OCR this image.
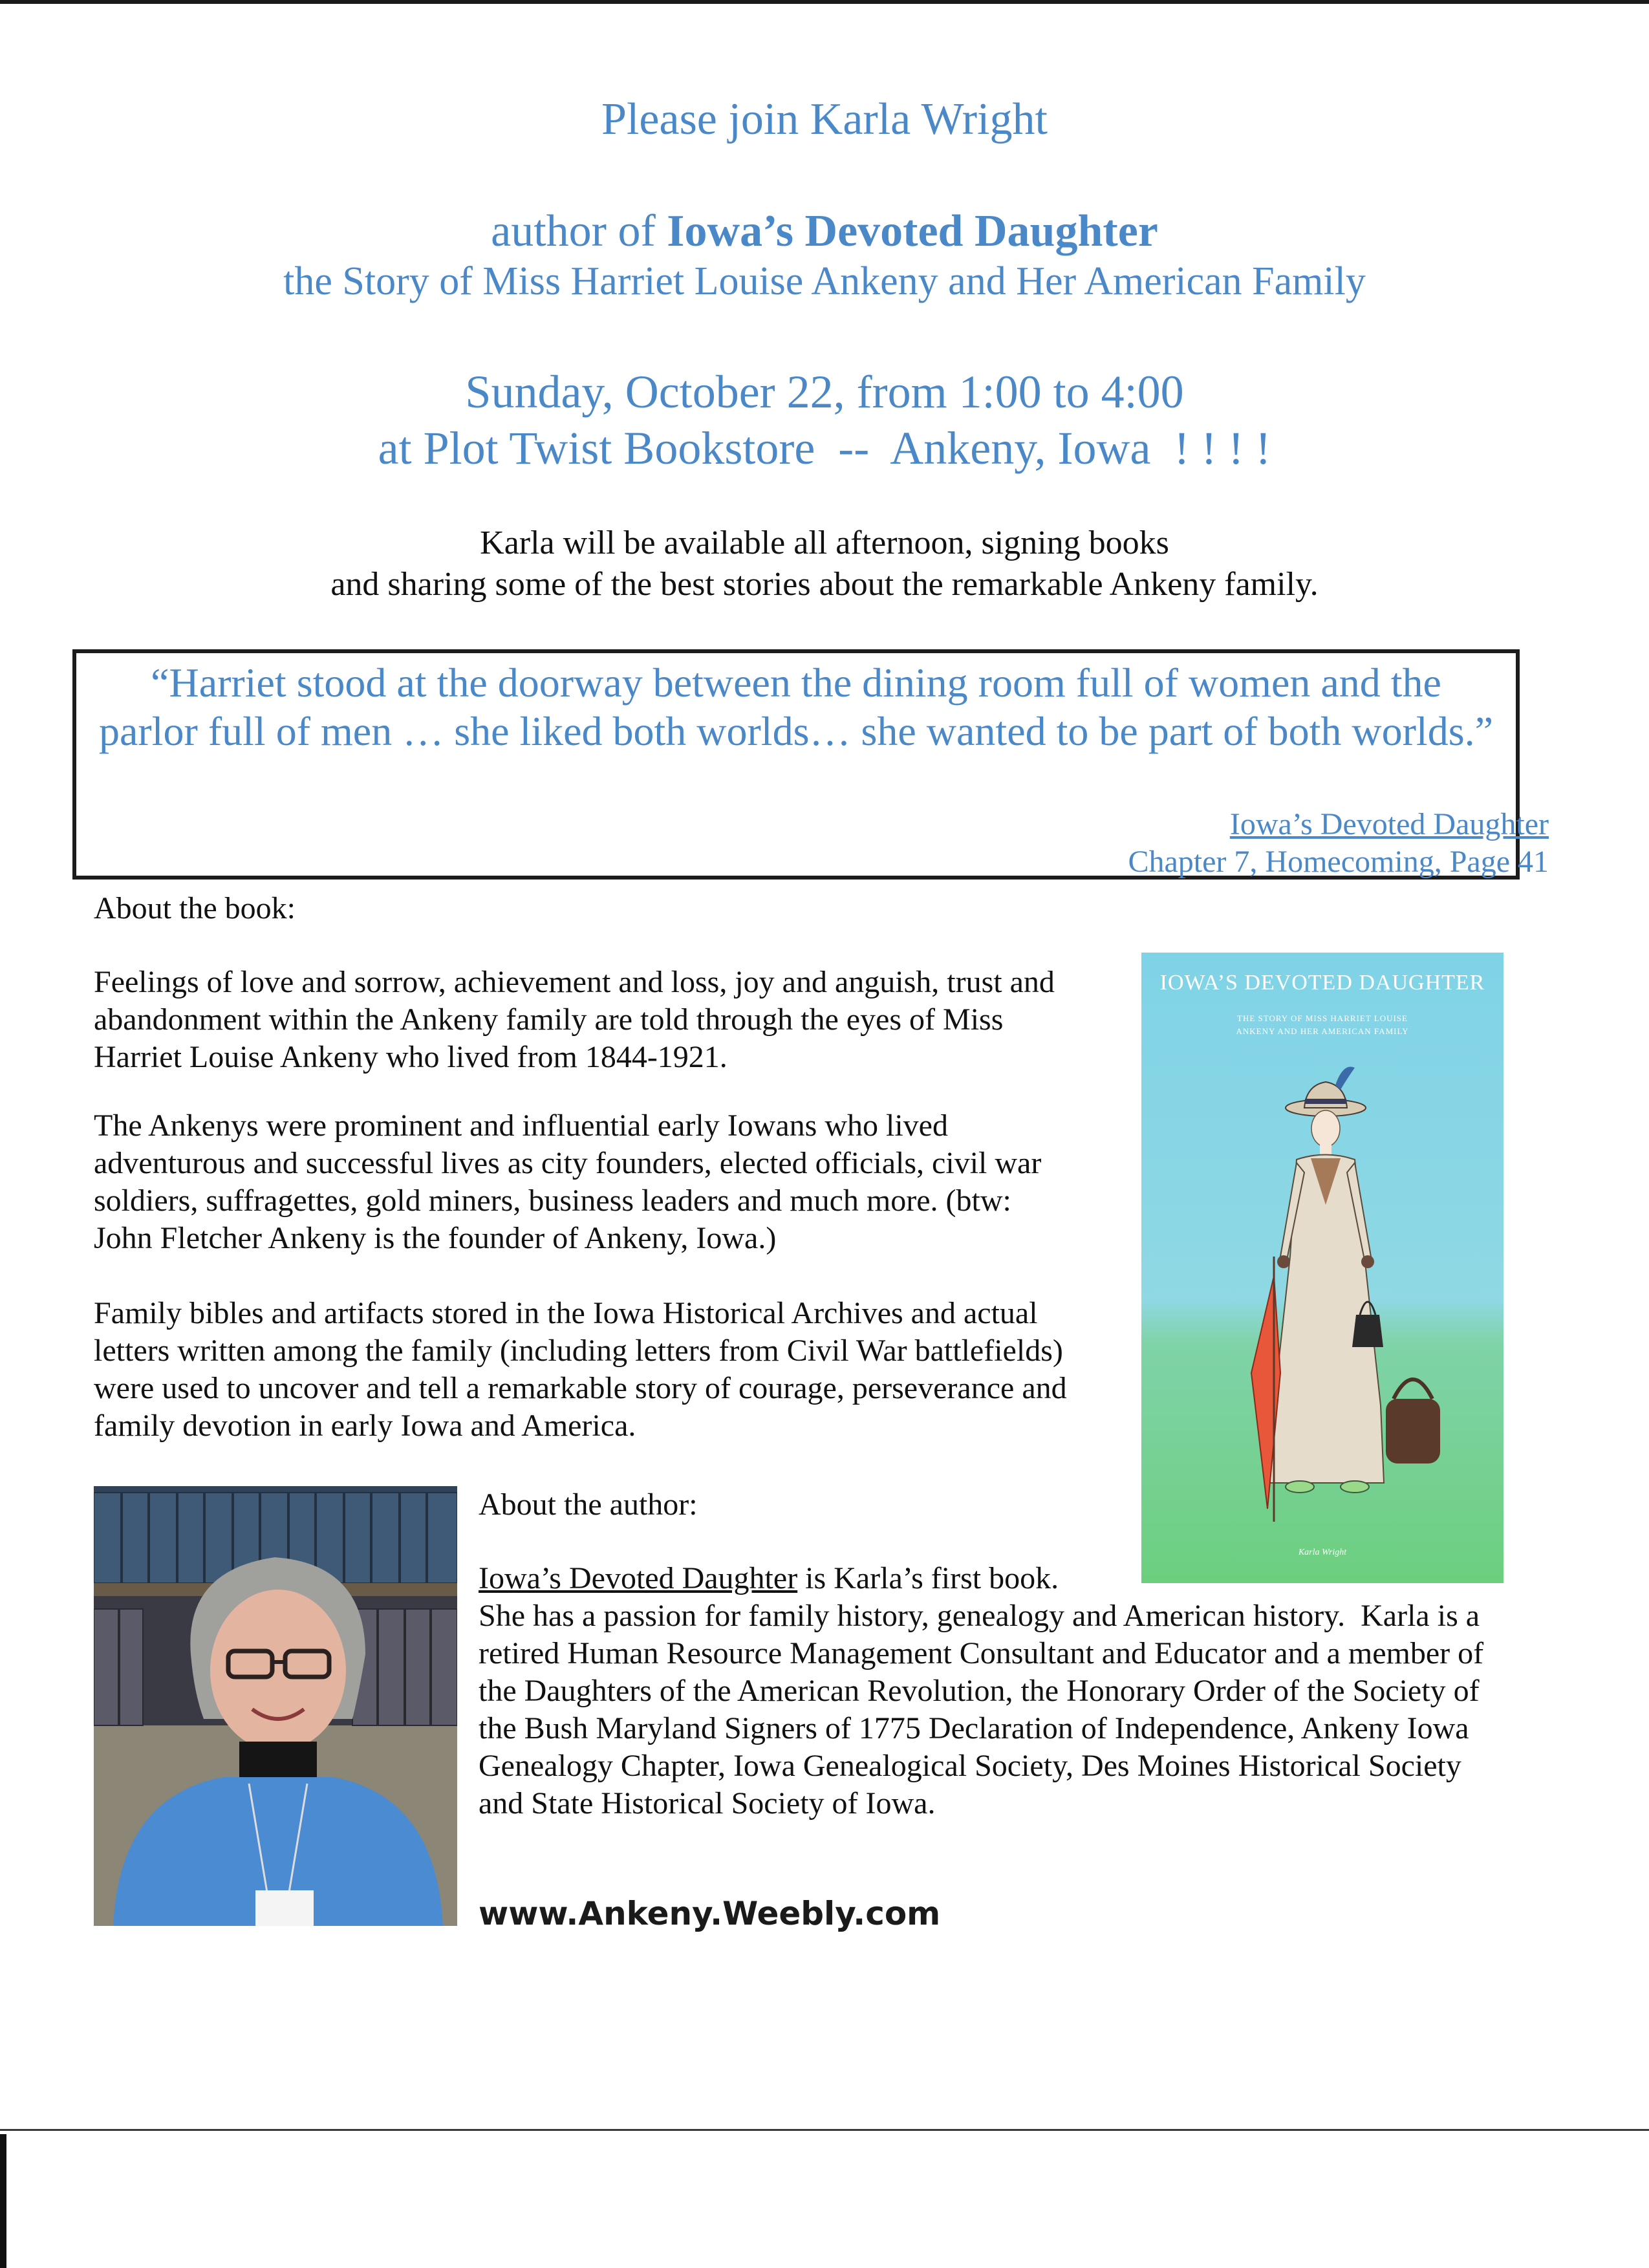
Please join Karla Wright
author of Iowa’s Devoted Daughter
the Story of Miss Harriet Louise Ankeny and Her American Family
Sunday, October 22, from 1:00 to 4:00
at Plot Twist Bookstore  --  Ankeny, Iowa  ! ! ! !
Karla will be available all afternoon, signing books
and sharing some of the best stories about the remarkable Ankeny family.
“Harriet stood at the doorway between the dining room full of women and the
parlor full of men … she liked both worlds… she wanted to be part of both worlds.”
Iowa’s Devoted Daughter
Chapter 7, Homecoming, Page 41
About the book:
Feelings of love and sorrow, achievement and loss, joy and anguish, trust and
abandonment within the Ankeny family are told through the eyes of Miss
Harriet Louise Ankeny who lived from 1844-1921.
The Ankenys were prominent and influential early Iowans who lived
adventurous and successful lives as city founders, elected officials, civil war
soldiers, suffragettes, gold miners, business leaders and much more. (btw:
John Fletcher Ankeny is the founder of Ankeny, Iowa.)
Family bibles and artifacts stored in the Iowa Historical Archives and actual
letters written among the family (including letters from Civil War battlefields)
were used to uncover and tell a remarkable story of courage, perseverance and
family devotion in early Iowa and America.
IOWA’S DEVOTED DAUGHTER
THE STORY OF MISS HARRIET LOUISE
ANKENY AND HER AMERICAN FAMILY
Karla Wright
About the author:
Iowa’s Devoted Daughter is Karla’s first book.
She has a passion for family history, genealogy and American history.  Karla is a
retired Human Resource Management Consultant and Educator and a member of
the Daughters of the American Revolution, the Honorary Order of the Society of
the Bush Maryland Signers of 1775 Declaration of Independence, Ankeny Iowa
Genealogy Chapter, Iowa Genealogical Society, Des Moines Historical Society
and State Historical Society of Iowa.
www.Ankeny.Weebly.com
